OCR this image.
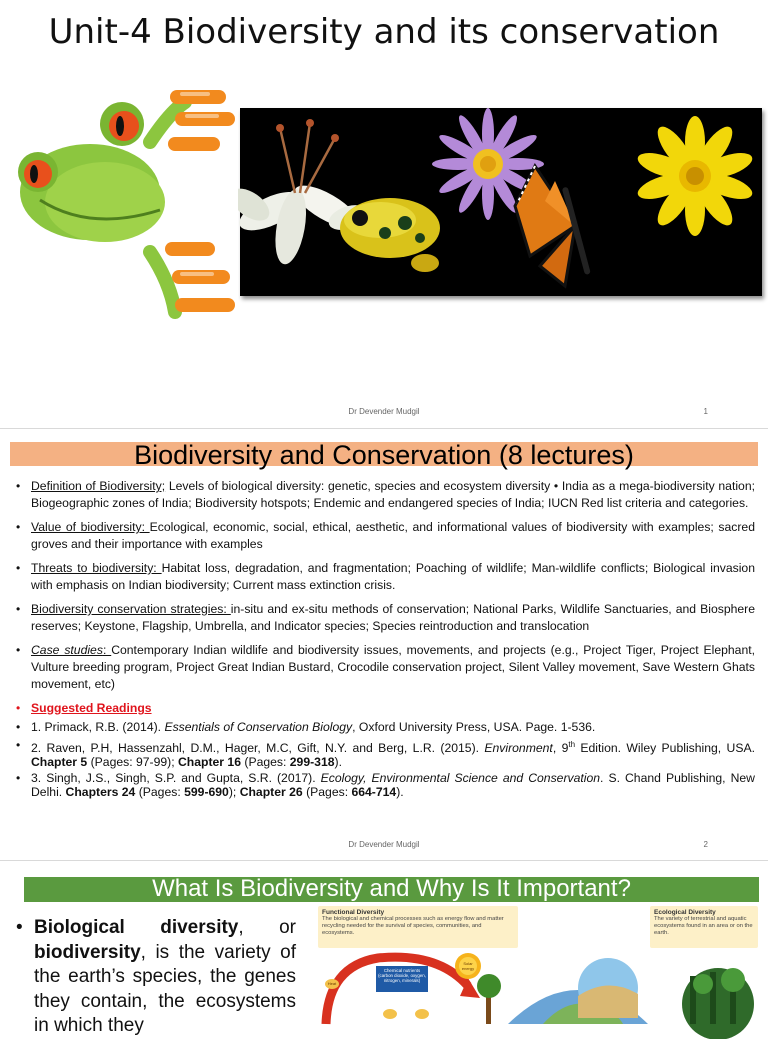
Unit-4 Biodiversity and its conservation
Dr Devender Mudgil	1
Biodiversity and Conservation (8 lectures)
• Definition of Biodiversity; Levels of biological diversity: genetic, species and ecosystem diversity • India as a mega-biodiversity nation; Biogeographic zones of India; Biodiversity hotspots; Endemic and endangered species of India; IUCN Red list criteria and categories.
• Value of biodiversity: Ecological, economic, social, ethical, aesthetic, and informational values of biodiversity with examples; sacred groves and their importance with examples
• Threats to biodiversity: Habitat loss, degradation, and fragmentation; Poaching of wildlife; Man-wildlife conflicts; Biological invasion with emphasis on Indian biodiversity; Current mass extinction crisis.
• Biodiversity conservation strategies: in-situ and ex-situ methods of conservation; National Parks, Wildlife Sanctuaries, and Biosphere reserves; Keystone, Flagship, Umbrella, and Indicator species; Species reintroduction and translocation
• Case studies: Contemporary Indian wildlife and biodiversity issues, movements, and projects (e.g., Project Tiger, Project Elephant, Vulture breeding program, Project Great Indian Bustard, Crocodile conservation project, Silent Valley movement, Save Western Ghats movement, etc)
• Suggested Readings
• 1. Primack, R.B. (2014). Essentials of Conservation Biology, Oxford University Press, USA. Page. 1-536.
• 2. Raven, P.H, Hassenzahl, D.M., Hager, M.C, Gift, N.Y. and Berg, L.R. (2015). Environment, 9th Edition. Wiley Publishing, USA. Chapter 5 (Pages: 97-99); Chapter 16 (Pages: 299-318).
• 3. Singh, J.S., Singh, S.P. and Gupta, S.R. (2017). Ecology, Environmental Science and Conservation. S. Chand Publishing, New Delhi. Chapters 24 (Pages: 599-690); Chapter 26 (Pages: 664-714).
Dr Devender Mudgil	2
What Is Biodiversity and Why Is It Important?

• Biological diversity, or biodiversity, is the variety of the earth’s species, the genes they contain, the ecosystems in which they

Functional Diversity
The biological and chemical processes such as energy flow and matter recycling needed for the survival of species, communities, and ecosystems.
Ecological Diversity
The variety of terrestrial and aquatic ecosystems found in an area or on the earth.
Chemical nutrients (carbon dioxide, oxygen, nitrogen, minerals)
Solar energy
Heat
